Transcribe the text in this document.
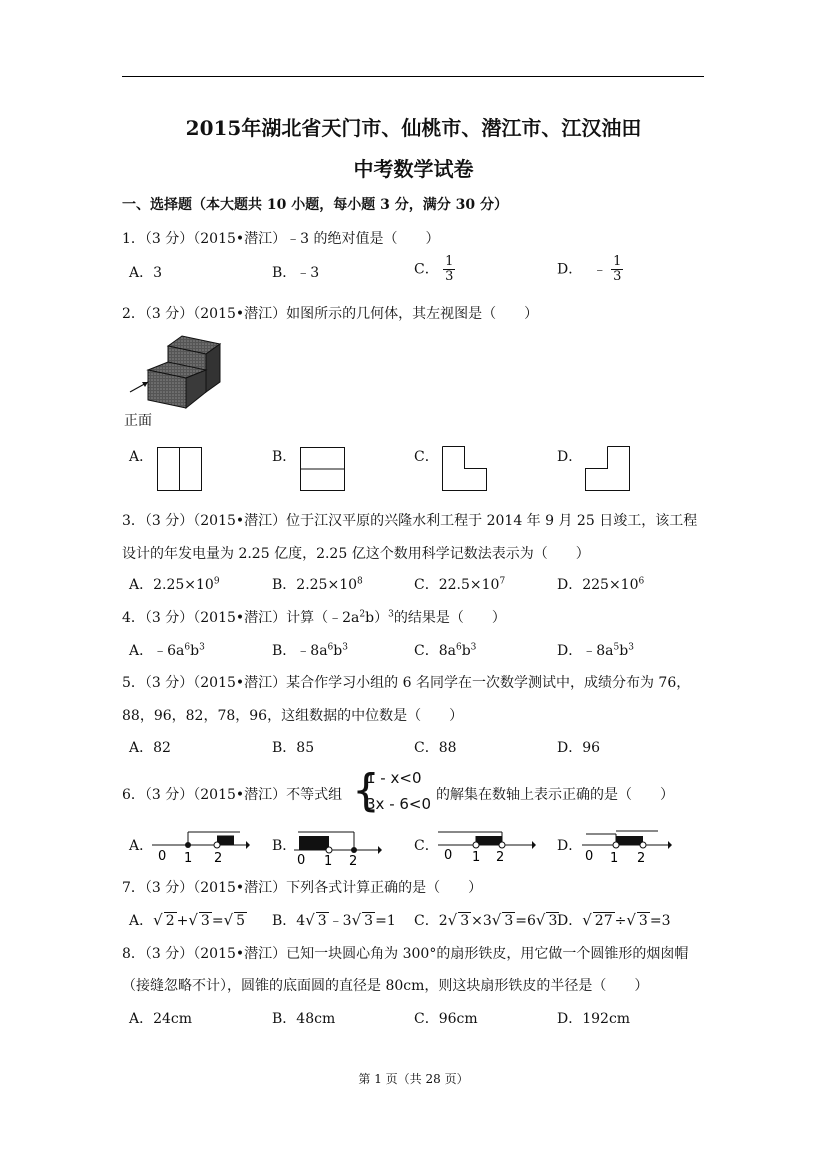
2015年湖北省天门市、仙桃市、潜江市、江汉油田
中考数学试卷
一、选择题（本大题共 10 小题，每小题 3 分，满分 30 分）
1．（3 分）（2015•潜江）﹣3 的绝对值是（　　）
A．3	B．﹣3	C． $\frac{1}{3}$	D． ﹣ $\frac{1}{3}$
2．（3 分）（2015•潜江）如图所示的几何体，其左视图是（　　）
正面
A．	B．	C．	D．
3．（3 分）（2015•潜江）位于江汉平原的兴隆水利工程于 2014 年 9 月 25 日竣工，该工程
设计的年发电量为 2.25 亿度，2.25 亿这个数用科学记数法表示为（　　）
A．$2.25\times 10^9$	B．$2.25\times 10^8$	C．$22.5\times 10^7$	D．$225\times 10^6$
4．（3 分）（2015•潜江）计算$(﹣2a^2b)^3$的结果是（　　）
A．$﹣6a^6b^3$	B．$﹣8a^6b^3$	C．$8a^6b^3$	D．$﹣8a^5b^3$
5．（3 分）（2015•潜江）某合作学习小组的 6 名同学在一次数学测试中，成绩分布为 76，
88，96，82，78，96，这组数据的中位数是（　　）
A．82	B．85	C．88	D．96
6．（3 分）（2015•潜江）不等式组 {
1 - x<0
3x - 6<0 的解集在数轴上表示正确的是（　　）
A．
0 1 2
B．
0 1 2
C．
0 1 2
D．
0 1 2
7．（3 分）（2015•潜江）下列各式计算正确的是（　　）
A．√ 2 +√ 3 =√ 5 B．4√ 3 ﹣3√ 3 =1 C．2√ 3 ×3√ 3 =6√ 3 D．√ 27 ÷√ 3 =3
8．（3 分）（2015•潜江）已知一块圆心角为 300°的扇形铁皮，用它做一个圆锥形的烟囱帽
（接缝忽略不计），圆锥的底面圆的直径是 80cm，则这块扇形铁皮的半径是（　　）
A．24cm	B．48cm	C．96cm	D．192cm
第 1 页（共 28 页）
